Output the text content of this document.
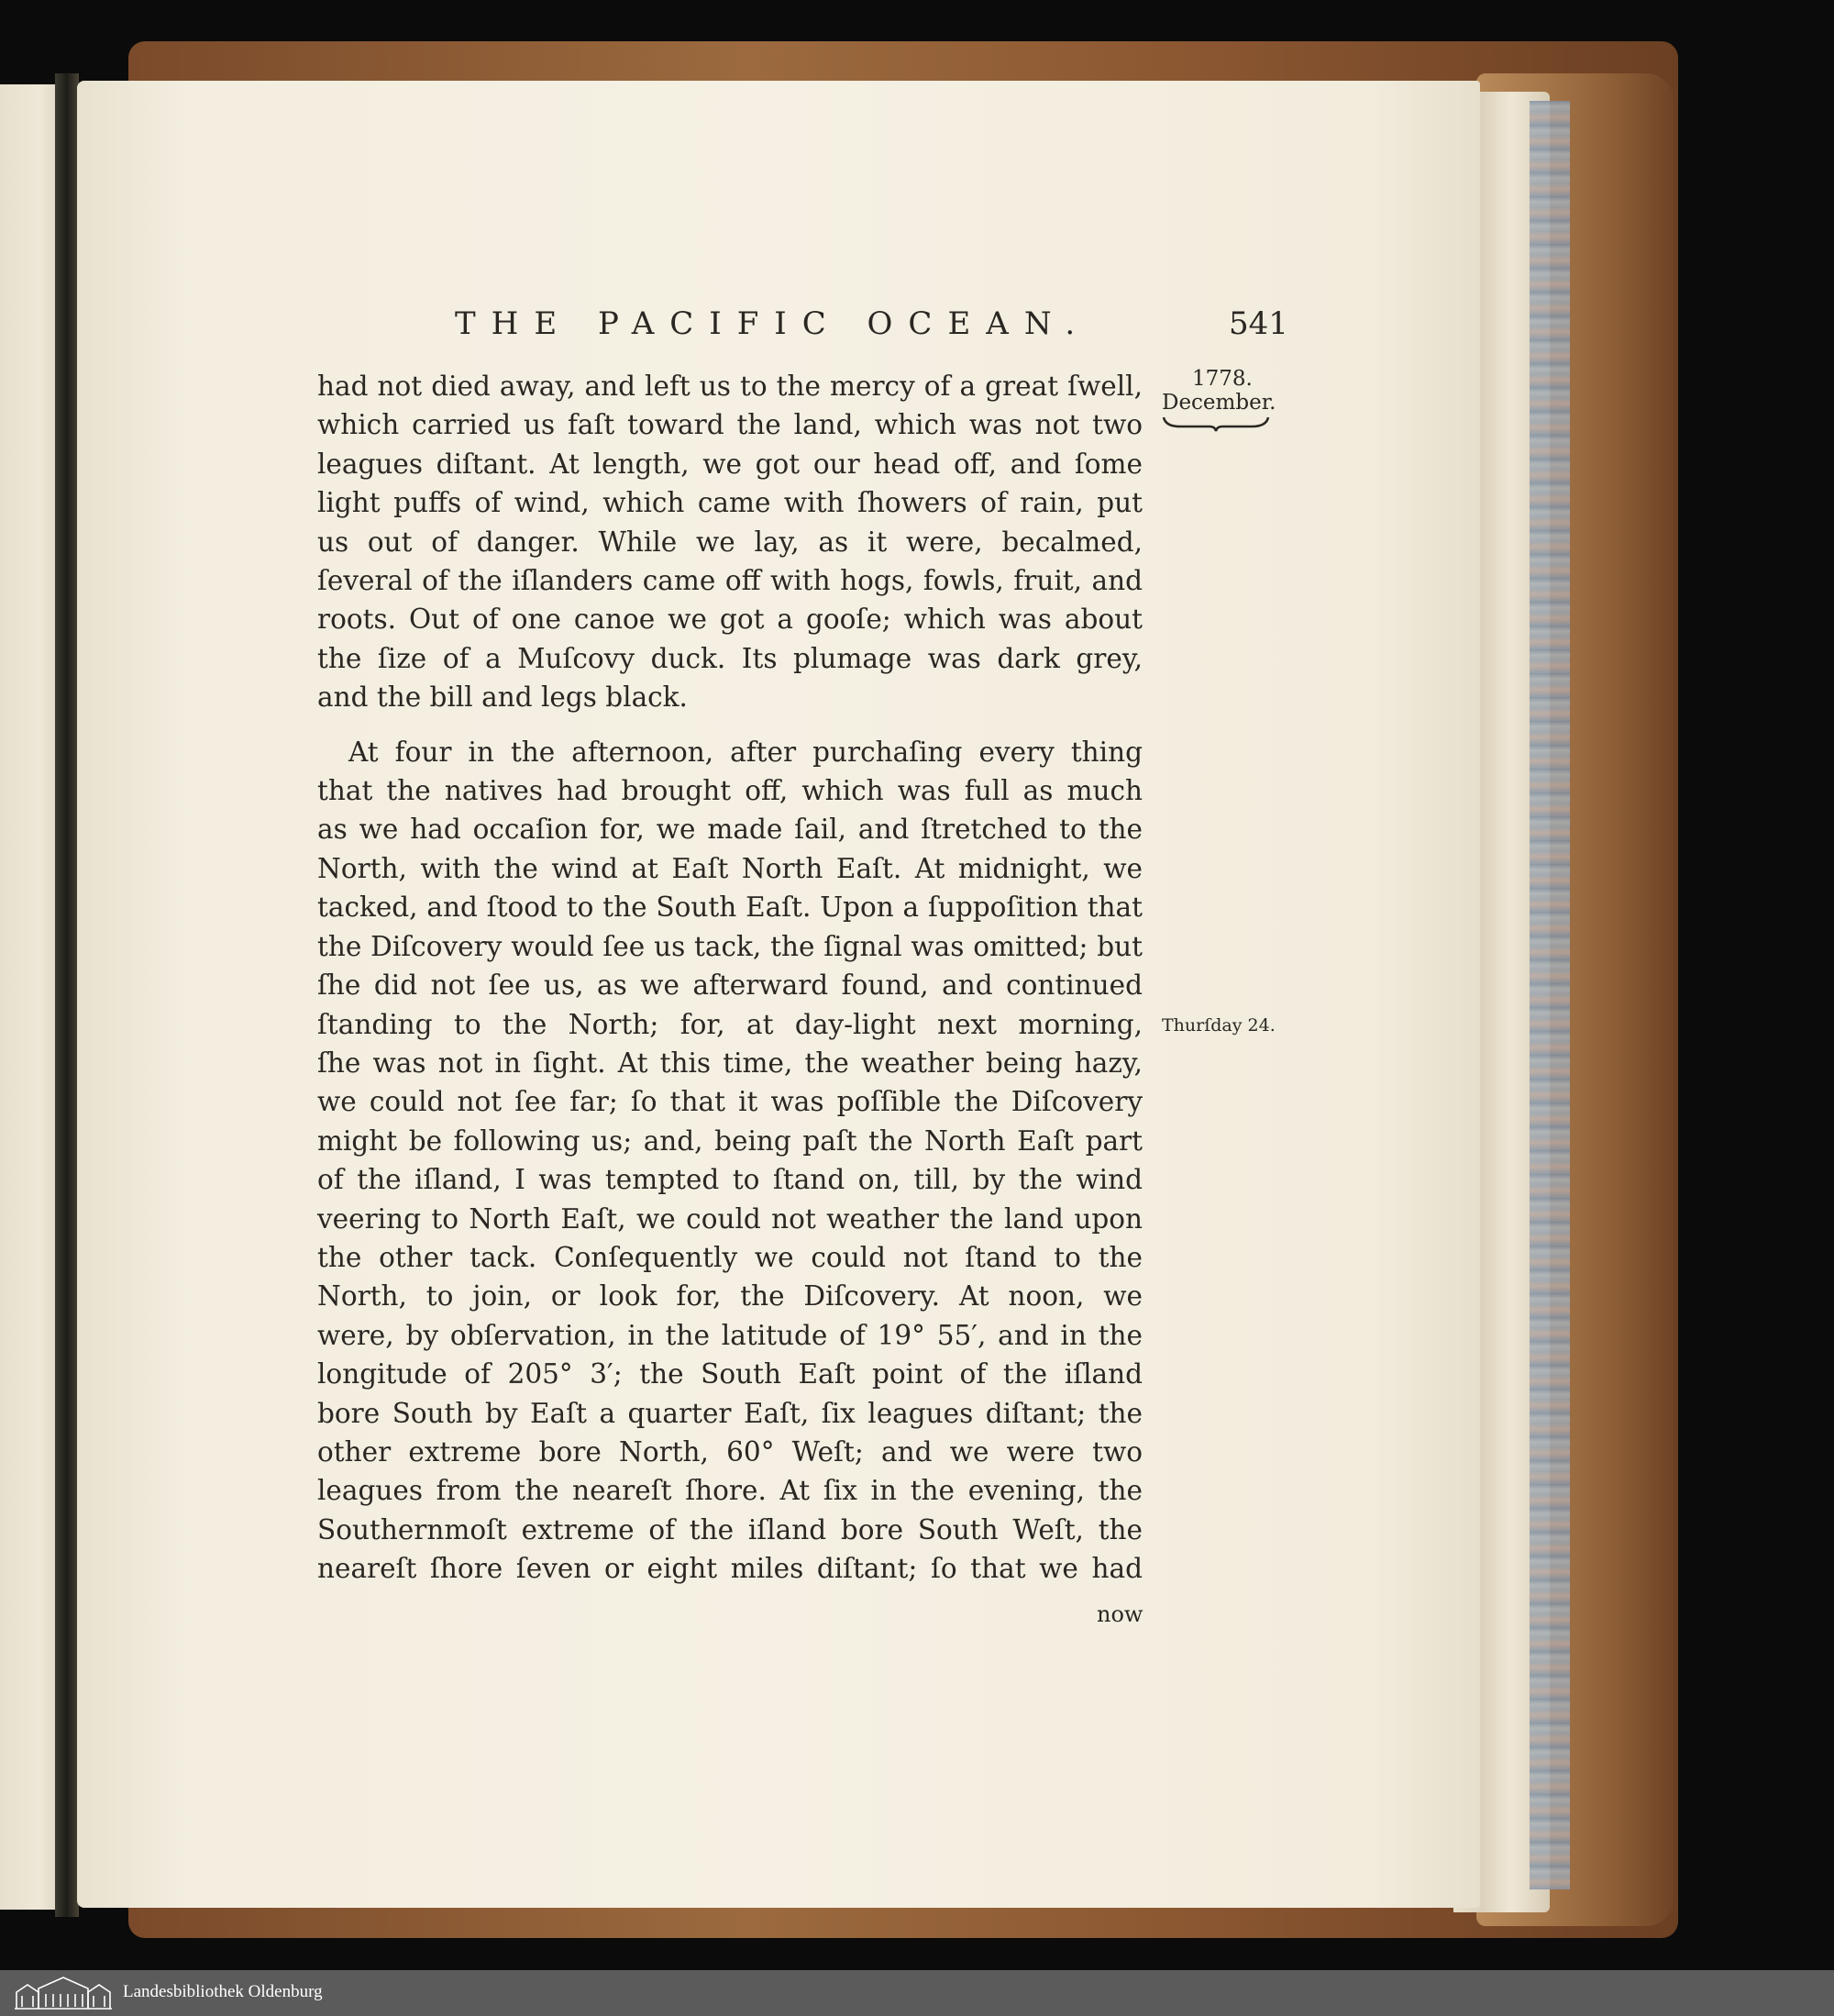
THE PACIFIC OCEAN.	541
1778.
December.
Thurſday 24.

had not died away, and left us to the mercy of a great ſwell,

which carried us faſt toward the land, which was not two

leagues diſtant. At length, we got our head off, and ſome

light puffs of wind, which came with ſhowers of rain, put

us out of danger. While we lay, as it were, becalmed,

ſeveral of the iſlanders came off with hogs, fowls, fruit, and

roots. Out of one canoe we got a gooſe; which was about

the ſize of a Muſcovy duck. Its plumage was dark grey,

and the bill and legs black.

At four in the afternoon, after purchaſing every thing

that the natives had brought off, which was full as much

as we had occaſion for, we made ſail, and ſtretched to the

North, with the wind at Eaſt North Eaſt. At midnight, we

tacked, and ſtood to the South Eaſt. Upon a ſuppoſition that

the Diſcovery would ſee us tack, the ſignal was omitted; but

ſhe did not ſee us, as we afterward found, and continued

ſtanding to the North; for, at day-light next morning,

ſhe was not in ſight. At this time, the weather being hazy,

we could not ſee far; ſo that it was poſſible the Diſcovery

might be following us; and, being paſt the North Eaſt part

of the iſland, I was tempted to ſtand on, till, by the wind

veering to North Eaſt, we could not weather the land upon

the other tack. Conſequently we could not ſtand to the

North, to join, or look for, the Diſcovery. At noon, we

were, by obſervation, in the latitude of 19° 55′, and in the

longitude of 205° 3′; the South Eaſt point of the iſland

bore South by Eaſt a quarter Eaſt, ſix leagues diſtant; the

other extreme bore North, 60° Weſt; and we were two

leagues from the neareſt ſhore. At ſix in the evening, the

Southernmoſt extreme of the iſland bore South Weſt, the

neareſt ſhore ſeven or eight miles diſtant; ſo that we had

now
Landesbibliothek Oldenburg
